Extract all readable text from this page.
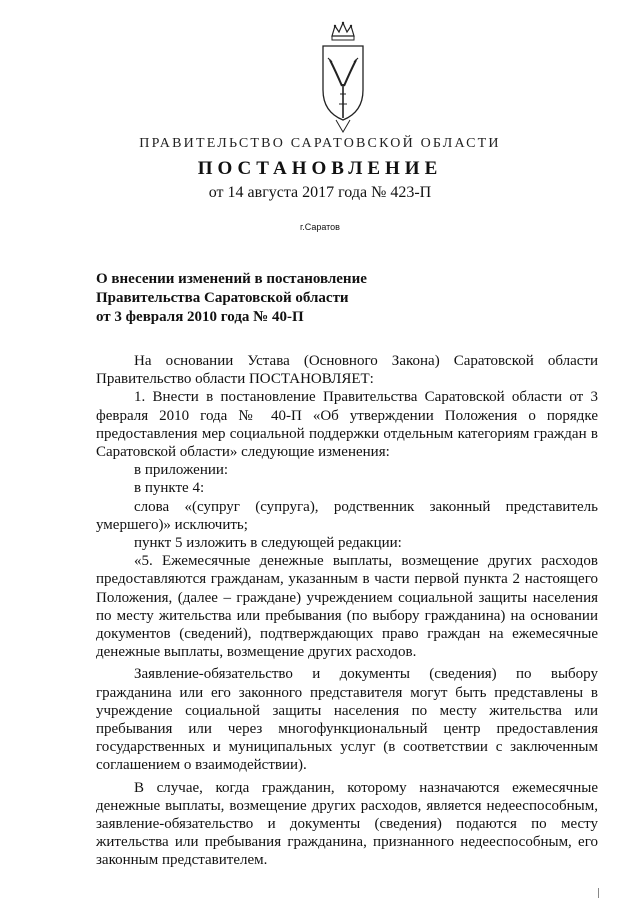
ПРАВИТЕЛЬСТВО САРАТОВСКОЙ ОБЛАСТИ
ПОСТАНОВЛЕНИЕ
от 14 августа 2017 года № 423-П
г.Саратов
О внесении изменений в постановление
Правительства Саратовской области
от 3 февраля 2010 года № 40-П

На основании Устава (Основного Закона) Саратовской области Правительство области ПОСТАНОВЛЯЕТ:

1. Внести в постановление Правительства Саратовской области от 3 февраля 2010 года № 40-П «Об утверждении Положения о порядке предоставления мер социальной поддержки отдельным категориям граждан в Саратовской области» следующие изменения:

в приложении:

в пункте 4:

слова «(супруг (супруга), родственник законный представитель умершего)» исключить;

пункт 5 изложить в следующей редакции:

«5. Ежемесячные денежные выплаты, возмещение других расходов предоставляются гражданам, указанным в части первой пункта 2 настоящего Положения, (далее – граждане) учреждением социальной защиты населения по месту жительства или пребывания (по выбору гражданина) на основании документов (сведений), подтверждающих право граждан на ежемесячные денежные выплаты, возмещение других расходов.

Заявление-обязательство и документы (сведения) по выбору гражданина или его законного представителя могут быть представлены в учреждение социальной защиты населения по месту жительства или пребывания или через многофункциональный центр предоставления государственных и муниципальных услуг (в соответствии с заключенным соглашением о взаимодействии).

В случае, когда гражданин, которому назначаются ежемесячные денежные выплаты, возмещение других расходов, является недееспособным, заявление-обязательство и документы (сведения) подаются по месту жительства или пребывания гражданина, признанного недееспособным, его законным представителем.
